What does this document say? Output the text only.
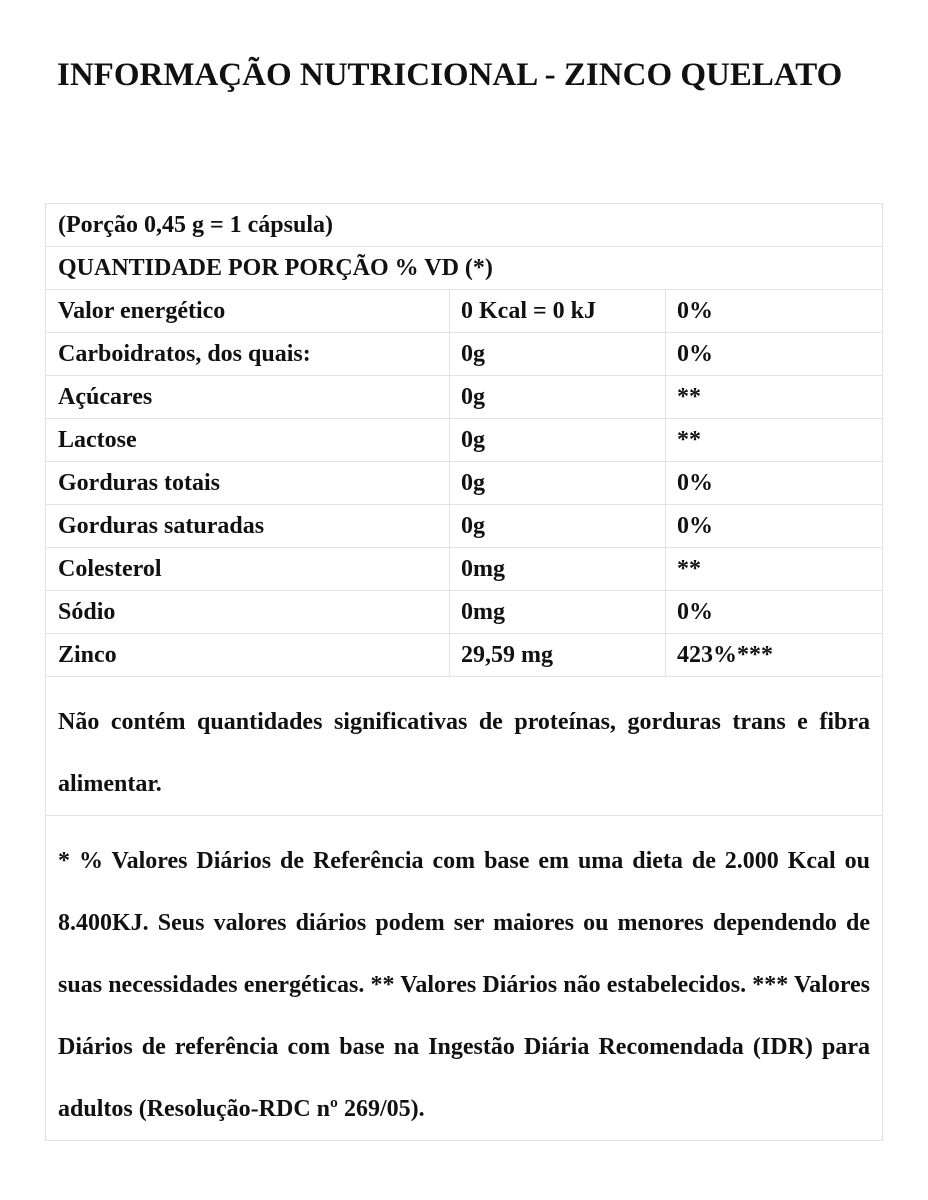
INFORMAÇÃO NUTRICIONAL - ZINCO QUELATO
(Porção 0,45 g = 1 cápsula)		
QUANTIDADE POR PORÇÃO % VD (*)		
Valor energético	0 Kcal = 0 kJ	0%
Carboidratos, dos quais:	0g	0%
Açúcares	0g	**
Lactose	0g	**
Gorduras totais	0g	0%
Gorduras saturadas	0g	0%
Colesterol	0mg	**
Sódio	0mg	0%
Zinco	29,59 mg	423%***

Não contém quantidades significativas de proteínas, gorduras trans e fibra alimentar.		

* % Valores Diários de Referência com base em uma dieta de 2.000 Kcal ou 8.400KJ. Seus valores diários podem ser maiores ou menores dependendo de suas necessidades energéticas. ** Valores Diários não estabelecidos. *** Valores Diários de referência com base na Ingestão Diária Recomendada (IDR) para adultos (Resolução-RDC nº 269/05).		
